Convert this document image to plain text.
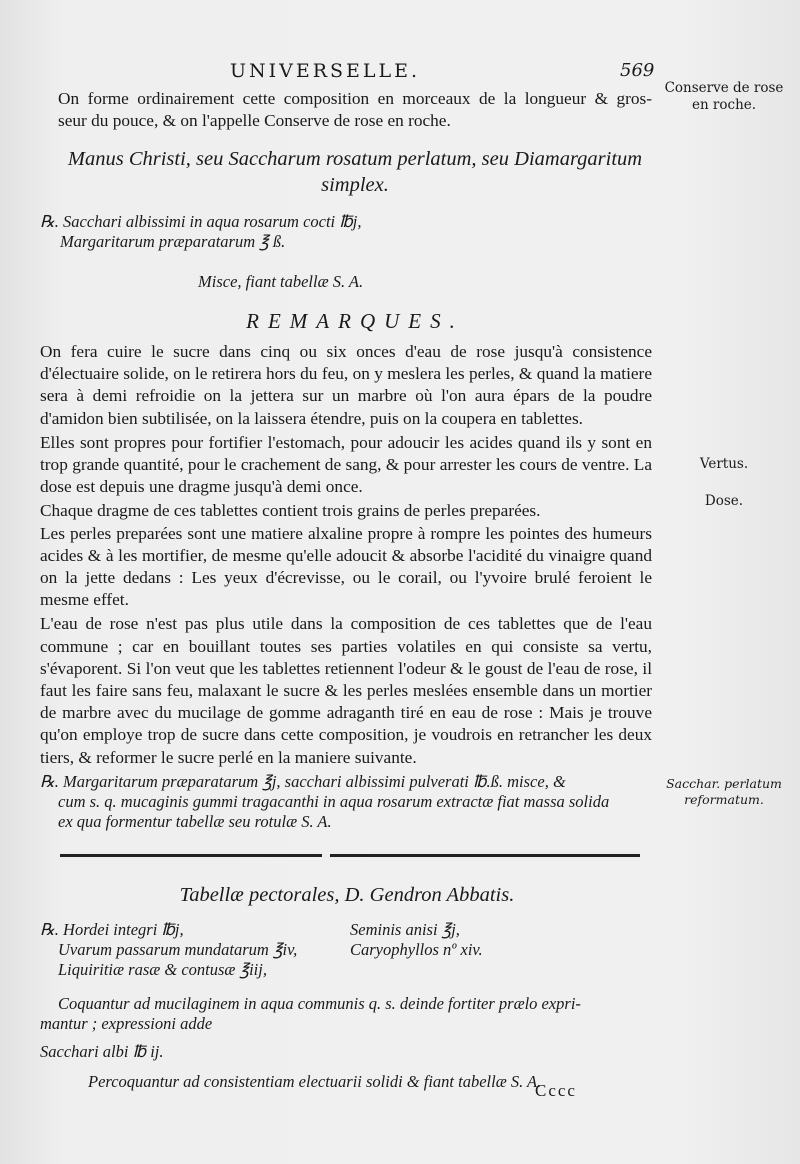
UNIVERSELLE.	569
Conserve de rose en roche.
On forme ordinairement cette composition en morceaux de la longueur & gros-
seur du pouce, & on l'appelle Conserve de rose en roche.
Manus Christi, seu Saccharum rosatum perlatum, seu Diamargaritum
simplex.
℞. Sacchari albissimi in aqua rosarum cocti ℔j,
Margaritarum præparatarum ℥ ß.
Misce, fiant tabellæ S. A.
REMARQUES.

On fera cuire le sucre dans cinq ou six onces d'eau de rose jusqu'à consistence d'électuaire solide, on le retirera hors du feu, on y meslera les perles, & quand la matiere sera à demi refroidie on la jettera sur un marbre où l'on aura épars de la poudre d'amidon bien subtilisée, on la laissera étendre, puis on la coupera en tablettes.

Elles sont propres pour fortifier l'estomach, pour adoucir les acides quand ils y sont en trop grande quantité, pour le crachement de sang, & pour arrester les cours de ventre. La dose est depuis une dragme jusqu'à demi once.

Chaque dragme de ces tablettes contient trois grains de perles preparées.

Les perles preparées sont une matiere alxaline propre à rompre les pointes des humeurs acides & à les mortifier, de mesme qu'elle adoucit & absorbe l'acidité du vinaigre quand on la jette dedans : Les yeux d'écrevisse, ou le corail, ou l'yvoire brulé feroient le mesme effet.

L'eau de rose n'est pas plus utile dans la composition de ces tablettes que de l'eau commune ; car en bouillant toutes ses parties volatiles en qui consiste sa vertu, s'évaporent. Si l'on veut que les tablettes retiennent l'odeur & le goust de l'eau de rose, il faut les faire sans feu, malaxant le sucre & les perles meslées ensemble dans un mortier de marbre avec du mucilage de gomme adraganth tiré en eau de rose : Mais je trouve qu'on employe trop de sucre dans cette composition, je voudrois en retrancher les deux tiers, & reformer le sucre perlé en la maniere suivante.

Vertus.
Dose.
℞. Margaritarum præparatarum ℥j, sacchari albissimi pulverati ℔.ß. misce, &
cum s. q. mucaginis gummi tragacanthi in aqua rosarum extractæ fiat massa solida
ex qua formentur tabellæ seu rotulæ S. A.
Sacchar. perlatum reformatum.
Tabellæ pectorales, D. Gendron Abbatis.
℞. Hordei integri ℔j,
Uvarum passarum mundatarum ℥iv,
Liquiritiæ rasæ & contusæ ℥iij,
Seminis anisi ℥j,
Caryophyllos nº xiv.
Coquantur ad mucilaginem in aqua communis q. s. deinde fortiter prælo expri-
mantur ; expressioni adde
Sacchari albi ℔ ij.
Percoquantur ad consistentiam electuarii solidi & fiant tabellæ S. A.
Cccc
